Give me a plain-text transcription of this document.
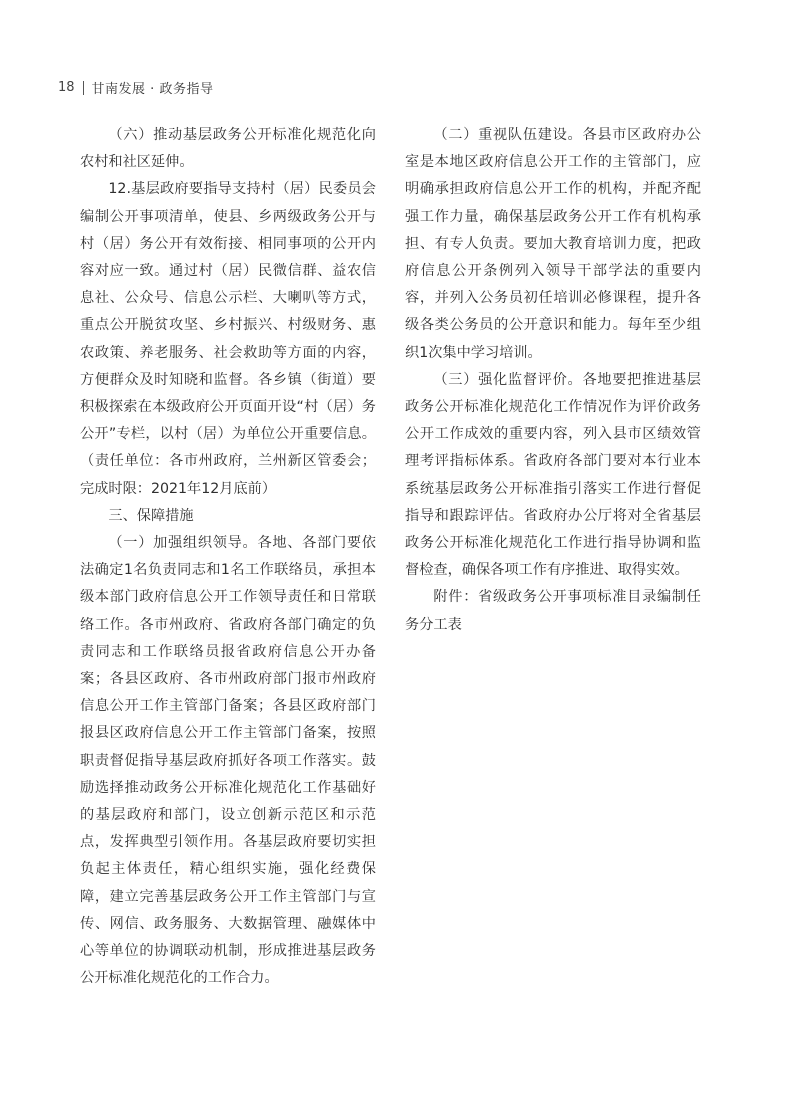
18 甘南发展 · 政务指导

（六）推动基层政务公开标准化规范化向农村和社区延伸。

12.基层政府要指导支持村（居）民委员会编制公开事项清单，使县、乡两级政务公开与村（居）务公开有效衔接、相同事项的公开内容对应一致。通过村（居）民微信群、益农信息社、公众号、信息公示栏、大喇叭等方式，重点公开脱贫攻坚、乡村振兴、村级财务、惠农政策、养老服务、社会救助等方面的内容，方便群众及时知晓和监督。各乡镇（街道）要积极探索在本级政府公开页面开设“村（居）务公开”专栏，以村（居）为单位公开重要信息。（责任单位：各市州政府，兰州新区管委会；完成时限：2021年12月底前）

三、保障措施

（一）加强组织领导。各地、各部门要依法确定1名负责同志和1名工作联络员，承担本级本部门政府信息公开工作领导责任和日常联络工作。各市州政府、省政府各部门确定的负责同志和工作联络员报省政府信息公开办备案；各县区政府、各市州政府部门报市州政府信息公开工作主管部门备案；各县区政府部门报县区政府信息公开工作主管部门备案，按照职责督促指导基层政府抓好各项工作落实。鼓励选择推动政务公开标准化规范化工作基础好的基层政府和部门，设立创新示范区和示范点，发挥典型引领作用。各基层政府要切实担负起主体责任，精心组织实施，强化经费保障，建立完善基层政务公开工作主管部门与宣传、网信、政务服务、大数据管理、融媒体中心等单位的协调联动机制，形成推进基层政务公开标准化规范化的工作合力。

（二）重视队伍建设。各县市区政府办公室是本地区政府信息公开工作的主管部门，应明确承担政府信息公开工作的机构，并配齐配强工作力量，确保基层政务公开工作有机构承担、有专人负责。要加大教育培训力度，把政府信息公开条例列入领导干部学法的重要内容，并列入公务员初任培训必修课程，提升各级各类公务员的公开意识和能力。每年至少组织1次集中学习培训。

（三）强化监督评价。各地要把推进基层政务公开标准化规范化工作情况作为评价政务公开工作成效的重要内容，列入县市区绩效管理考评指标体系。省政府各部门要对本行业本系统基层政务公开标准指引落实工作进行督促指导和跟踪评估。省政府办公厅将对全省基层政务公开标准化规范化工作进行指导协调和监督检查，确保各项工作有序推进、取得实效。

附件：省级政务公开事项标准目录编制任务分工表
